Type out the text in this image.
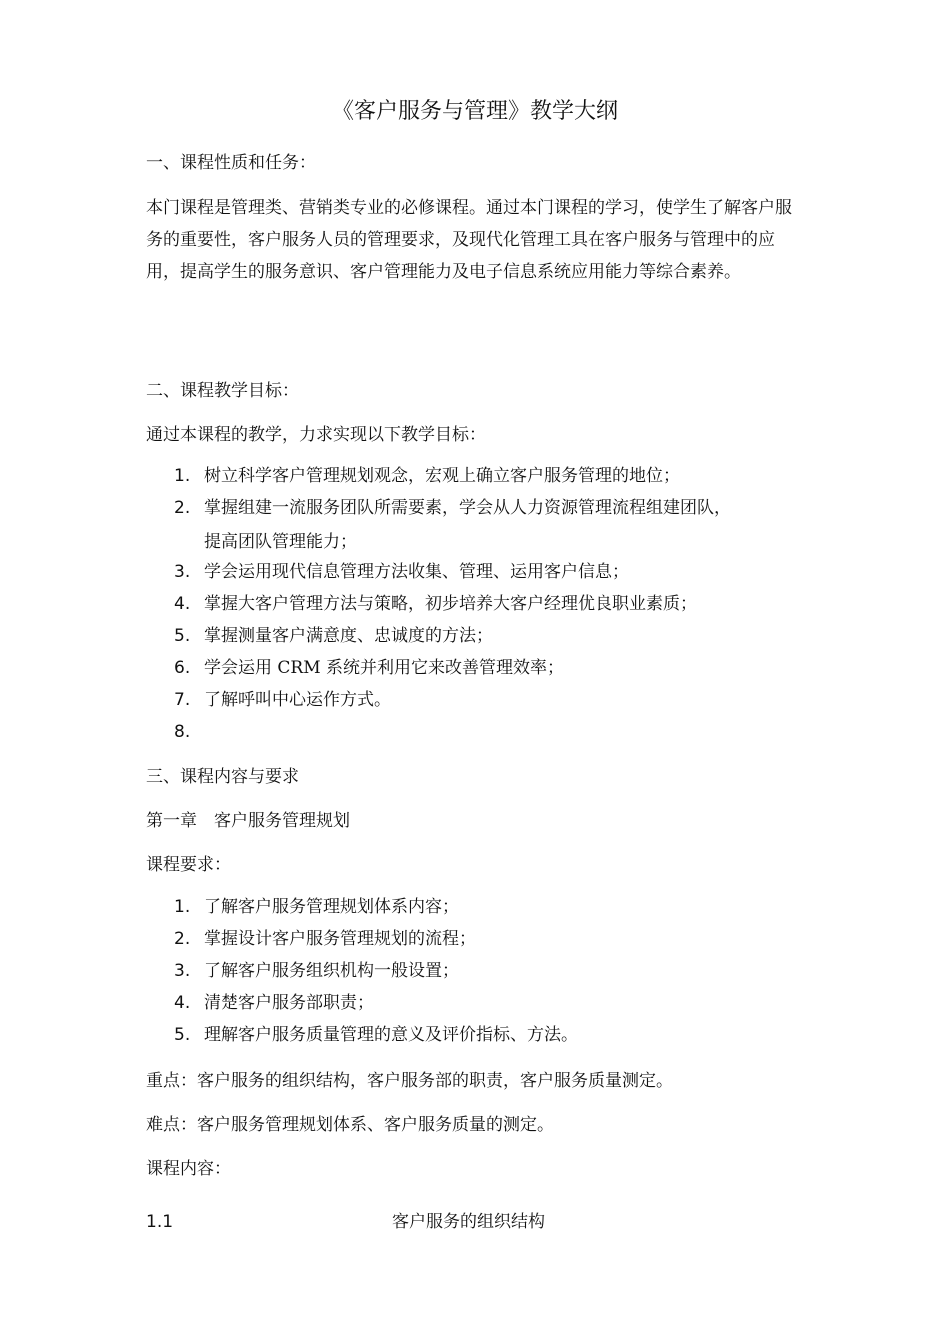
《客户服务与管理》教学大纲
一、课程性质和任务：
本门课程是管理类、营销类专业的必修课程。通过本门课程的学习，使学生了解客户服务的重要性，客户服务人员的管理要求，及现代化管理工具在客户服务与管理中的应用，提高学生的服务意识、客户管理能力及电子信息系统应用能力等综合素养。
二、课程教学目标：
通过本课程的教学，力求实现以下教学目标：
1. 树立科学客户管理规划观念，宏观上确立客户服务管理的地位；
2. 掌握组建一流服务团队所需要素，学会从人力资源管理流程组建团队，
提高团队管理能力；
3. 学会运用现代信息管理方法收集、管理、运用客户信息；
4. 掌握大客户管理方法与策略，初步培养大客户经理优良职业素质；
5. 掌握测量客户满意度、忠诚度的方法；
6. 学会运用 CRM 系统并利用它来改善管理效率；
7. 了解呼叫中心运作方式。
8.
三、课程内容与要求
第一章　客户服务管理规划
课程要求：
1. 了解客户服务管理规划体系内容；
2. 掌握设计客户服务管理规划的流程；
3. 了解客户服务组织机构一般设置；
4. 清楚客户服务部职责；
5. 理解客户服务质量管理的意义及评价指标、方法。
重点：客户服务的组织结构，客户服务部的职责，客户服务质量测定。
难点：客户服务管理规划体系、客户服务质量的测定。
课程内容：
1.1	客户服务的组织结构
